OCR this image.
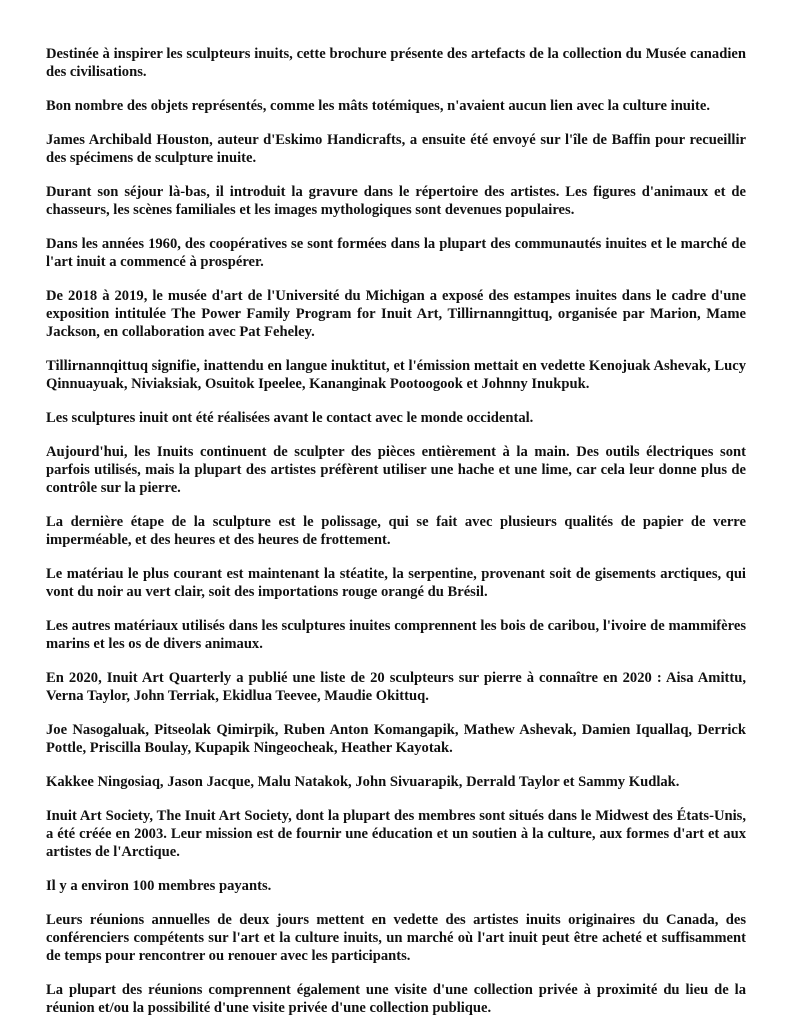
Destinée à inspirer les sculpteurs inuits, cette brochure présente des artefacts de la collection du Musée canadien des civilisations.

Bon nombre des objets représentés, comme les mâts totémiques, n'avaient aucun lien avec la culture inuite.

James Archibald Houston, auteur d'Eskimo Handicrafts, a ensuite été envoyé sur l'île de Baffin pour recueillir des spécimens de sculpture inuite.

Durant son séjour là-bas, il introduit la gravure dans le répertoire des artistes. Les figures d'animaux et de chasseurs, les scènes familiales et les images mythologiques sont devenues populaires.

Dans les années 1960, des coopératives se sont formées dans la plupart des communautés inuites et le marché de l'art inuit a commencé à prospérer.

De 2018 à 2019, le musée d'art de l'Université du Michigan a exposé des estampes inuites dans le cadre d'une exposition intitulée The Power Family Program for Inuit Art, Tillirnanngittuq, organisée par Marion, Mame Jackson, en collaboration avec Pat Feheley.

Tillirnannqittuq signifie, inattendu en langue inuktitut, et l'émission mettait en vedette Kenojuak Ashevak, Lucy Qinnuayuak, Niviaksiak, Osuitok Ipeelee, Kananginak Pootoogook et Johnny Inukpuk.

Les sculptures inuit ont été réalisées avant le contact avec le monde occidental.

Aujourd'hui, les Inuits continuent de sculpter des pièces entièrement à la main. Des outils électriques sont parfois utilisés, mais la plupart des artistes préfèrent utiliser une hache et une lime, car cela leur donne plus de contrôle sur la pierre.

La dernière étape de la sculpture est le polissage, qui se fait avec plusieurs qualités de papier de verre imperméable, et des heures et des heures de frottement.

Le matériau le plus courant est maintenant la stéatite, la serpentine, provenant soit de gisements arctiques, qui vont du noir au vert clair, soit des importations rouge orangé du Brésil.

Les autres matériaux utilisés dans les sculptures inuites comprennent les bois de caribou, l'ivoire de mammifères marins et les os de divers animaux.

En 2020, Inuit Art Quarterly a publié une liste de 20 sculpteurs sur pierre à connaître en 2020 : Aisa Amittu, Verna Taylor, John Terriak, Ekidlua Teevee, Maudie Okittuq.

Joe Nasogaluak, Pitseolak Qimirpik, Ruben Anton Komangapik, Mathew Ashevak, Damien Iquallaq, Derrick Pottle, Priscilla Boulay, Kupapik Ningeocheak, Heather Kayotak.

Kakkee Ningosiaq, Jason Jacque, Malu Natakok, John Sivuarapik, Derrald Taylor et Sammy Kudlak.

Inuit Art Society, The Inuit Art Society, dont la plupart des membres sont situés dans le Midwest des États-Unis, a été créée en 2003. Leur mission est de fournir une éducation et un soutien à la culture, aux formes d'art et aux artistes de l'Arctique.

Il y a environ 100 membres payants.

Leurs réunions annuelles de deux jours mettent en vedette des artistes inuits originaires du Canada, des conférenciers compétents sur l'art et la culture inuits, un marché où l'art inuit peut être acheté et suffisamment de temps pour rencontrer ou renouer avec les participants.

La plupart des réunions comprennent également une visite d'une collection privée à proximité du lieu de la réunion et/ou la possibilité d'une visite privée d'une collection publique.
